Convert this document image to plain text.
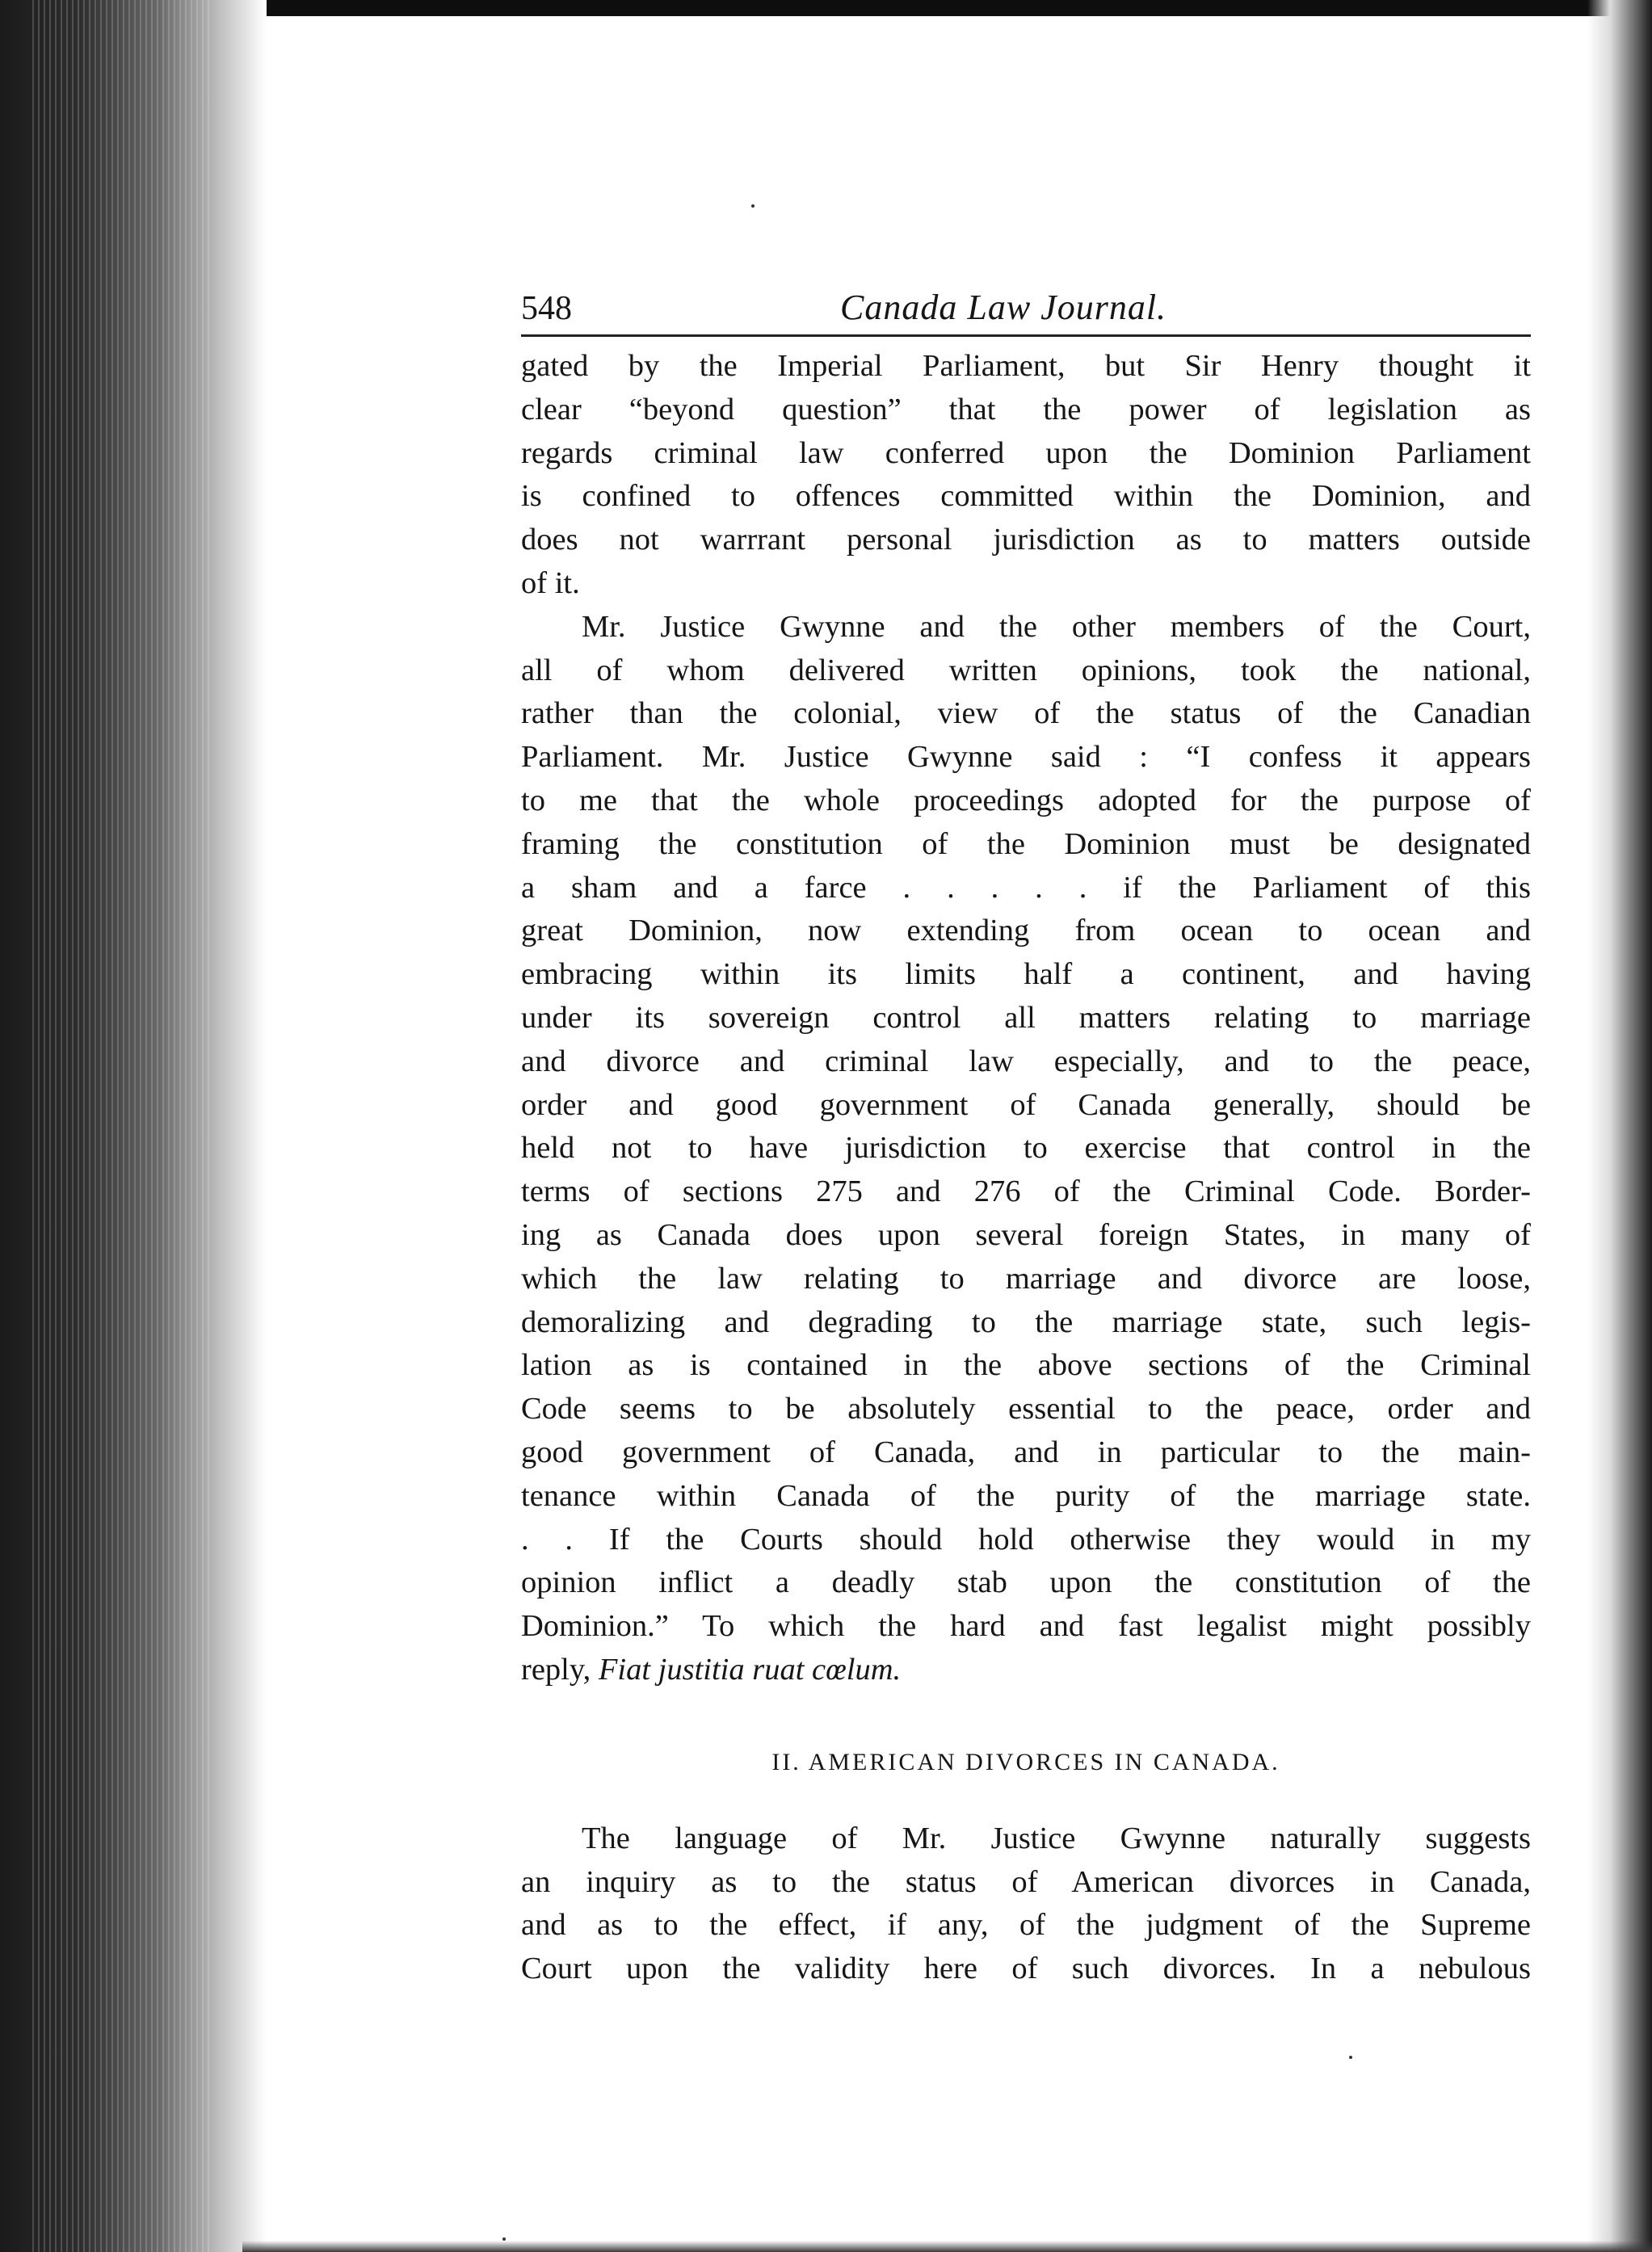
548	Canada Law Journal.

gated by the Imperial Parliament, but Sir Henry thought it
clear “beyond question” that the power of legislation as
regards criminal law conferred upon the Dominion Parliament
is confined to offences committed within the Dominion, and
does not warrrant personal jurisdiction as to matters outside
of it.

Mr. Justice Gwynne and the other members of the Court,
all of whom delivered written opinions, took the national,
rather than the colonial, view of the status of the Canadian
Parliament. Mr. Justice Gwynne said : “I confess it appears
to me that the whole proceedings adopted for the purpose of
framing the constitution of the Dominion must be designated
a sham and a farce . . . . . if the Parliament of this
great Dominion, now extending from ocean to ocean and
embracing within its limits half a continent, and having
under its sovereign control all matters relating to marriage
and divorce and criminal law especially, and to the peace,
order and good government of Canada generally, should be
held not to have jurisdiction to exercise that control in the
terms of sections 275 and 276 of the Criminal Code. Border-
ing as Canada does upon several foreign States, in many of
which the law relating to marriage and divorce are loose,
demoralizing and degrading to the marriage state, such legis-
lation as is contained in the above sections of the Criminal
Code seems to be absolutely essential to the peace, order and
good government of Canada, and in particular to the main-
tenance within Canada of the purity of the marriage state.
. . If the Courts should hold otherwise they would in my
opinion inflict a deadly stab upon the constitution of the
Dominion.” To which the hard and fast legalist might possibly
reply, Fiat justitia ruat cœlum.

II. AMERICAN DIVORCES IN CANADA.

The language of Mr. Justice Gwynne naturally suggests
an inquiry as to the status of American divorces in Canada,
and as to the effect, if any, of the judgment of the Supreme
Court upon the validity here of such divorces. In a nebulous
